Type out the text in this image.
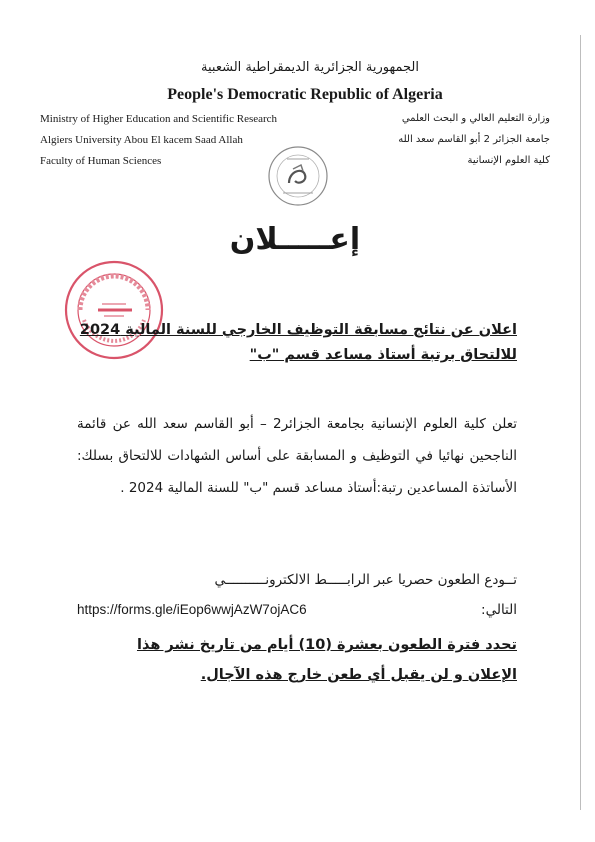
الجمهورية الجزائرية الديمقراطية الشعبية
People's Democratic Republic of Algeria
Ministry of Higher Education and Scientific Research
Algiers University Abou El kacem Saad Allah
Faculty of Human Sciences
وزارة التعليم العالي و البحث العلمي
جامعة الجزائر 2 أبو القاسم سعد الله
كلية العلوم الإنسانية
إعـــــلان
اعلان عن نتائج مسابقة التوظيف الخارجي للسنة المالية 2024
للالتحاق برتبة أستاذ مساعد قسم "ب"
تعلن كلية العلوم الإنسانية بجامعة الجزائر2 – أبو القاسم سعد الله عن قائمة الناجحين نهائيا في التوظيف و المسابقة على أساس الشهادات للالتحاق بسلك: الأساتذة المساعدين رتبة:أستاذ مساعد قسم "ب" للسنة المالية 2024 .
تــودع الطعون حصريا عبر الرابـــــط الالكترونــــــــــي
التالي:
https://forms.gle/iEop6wwjAzW7ojAC6
تحدد فترة الطعون بعشرة (10) أيام من تاريخ نشر هذا
الإعلان و لن يقبل أي طعن خارج هذه الآجال.
